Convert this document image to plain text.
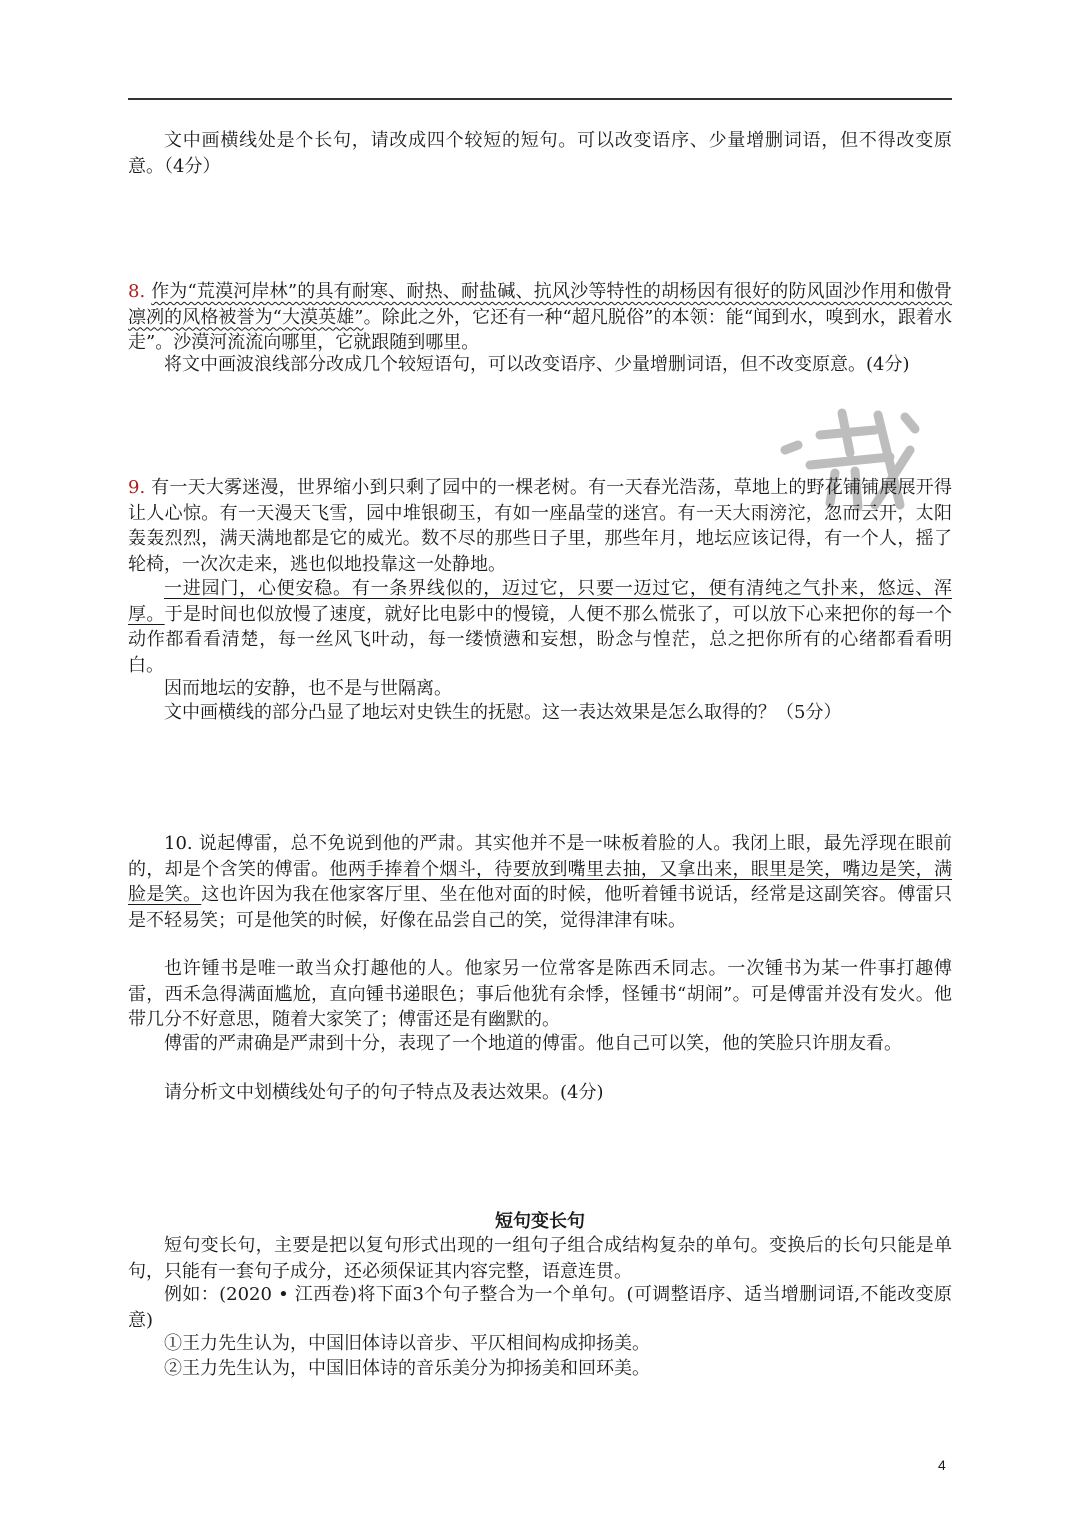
文中画横线处是个长句，请改成四个较短的短句。可以改变语序、少量增删词语，但不得改变原意。（4分）

8. 作为“荒漠河岸林”的具有耐寒、耐热、耐盐碱、抗风沙等特性的胡杨因有很好的防风固沙作用和傲骨凛冽的风格被誉为“大漠英雄”。除此之外，它还有一种“超凡脱俗”的本领：能“闻到水，嗅到水，跟着水走”。沙漠河流流向哪里，它就跟随到哪里。

将文中画波浪线部分改成几个较短语句，可以改变语序、少量增删词语，但不改变原意。(4分)

9. 有一天大雾迷漫，世界缩小到只剩了园中的一棵老树。有一天春光浩荡，草地上的野花铺铺展展开得让人心惊。有一天漫天飞雪，园中堆银砌玉，有如一座晶莹的迷宫。有一天大雨滂沱，忽而云开，太阳轰轰烈烈，满天满地都是它的威光。数不尽的那些日子里，那些年月，地坛应该记得，有一个人，摇了轮椅，一次次走来，逃也似地投靠这一处静地。

一进园门，心便安稳。有一条界线似的，迈过它，只要一迈过它，便有清纯之气扑来，悠远、浑厚。于是时间也似放慢了速度，就好比电影中的慢镜，人便不那么慌张了，可以放下心来把你的每一个动作都看看清楚，每一丝风飞叶动，每一缕愤懑和妄想，盼念与惶茫，总之把你所有的心绪都看看明白。

因而地坛的安静，也不是与世隔离。

文中画横线的部分凸显了地坛对史铁生的抚慰。这一表达效果是怎么取得的？（5分）

10. 说起傅雷，总不免说到他的严肃。其实他并不是一味板着脸的人。我闭上眼，最先浮现在眼前的，却是个含笑的傅雷。他两手捧着个烟斗，待要放到嘴里去抽，又拿出来，眼里是笑，嘴边是笑，满脸是笑。这也许因为我在他家客厅里、坐在他对面的时候，他听着锺书说话，经常是这副笑容。傅雷只是不轻易笑；可是他笑的时候，好像在品尝自己的笑，觉得津津有味。

也许锺书是唯一敢当众打趣他的人。他家另一位常客是陈西禾同志。一次锺书为某一件事打趣傅雷，西禾急得满面尴尬，直向锺书递眼色；事后他犹有余悸，怪锺书“胡闹”。可是傅雷并没有发火。他带几分不好意思，随着大家笑了；傅雷还是有幽默的。

傅雷的严肃确是严肃到十分，表现了一个地道的傅雷。他自己可以笑，他的笑脸只许朋友看。

请分析文中划横线处句子的句子特点及表达效果。(4分)

短句变长句

短句变长句，主要是把以复句形式出现的一组句子组合成结构复杂的单句。变换后的长句只能是单句，只能有一套句子成分，还必须保证其内容完整，语意连贯。

例如：(2020 • 江西卷)将下面3个句子整合为一个单句。(可调整语序、适当增删词语,不能改变原意)

①王力先生认为，中国旧体诗以音步、平仄相间构成抑扬美。

②王力先生认为，中国旧体诗的音乐美分为抑扬美和回环美。

4
